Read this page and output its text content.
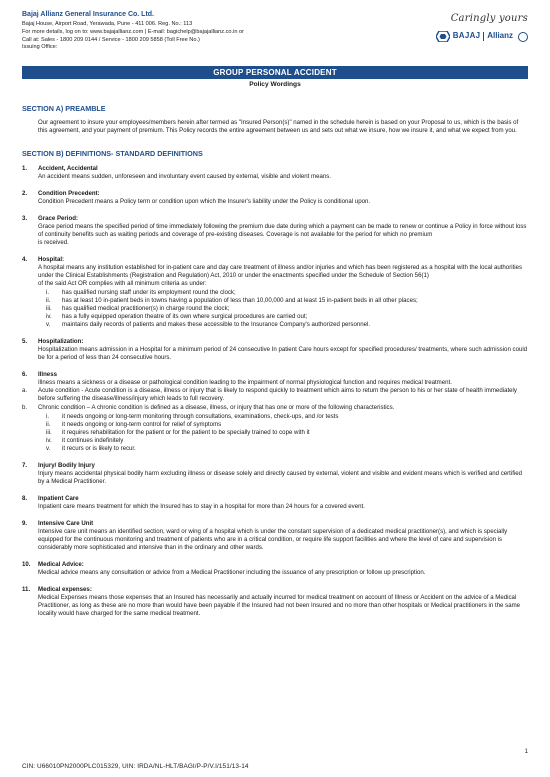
Bajaj Allianz General Insurance Co. Ltd.
Bajaj House, Airport Road, Yerawada, Pune - 411 006. Reg. No.: 113
For more details, log on to: www.bajajallianz.com | E-mail: bagichelp@bajajallianz.co.in or
Call at: Sales - 1800 209 0144 / Service - 1800 209 5858 (Toll Free No.)
Issuing Office:
Caringly yours
BAJAJ Allianz
GROUP PERSONAL ACCIDENT
Policy Wordings
SECTION A) PREAMBLE
Our agreement to insure your employees/members herein after termed as "Insured Person(s)" named in the schedule herein is based on your Proposal to us, which is the basis of this agreement, and your payment of premium. This Policy records the entire agreement between us and sets out what we insure, how we insure it, and what we expect from you.
SECTION B) DEFINITIONS- STANDARD DEFINITIONS
1.	Accident, Accidental
An accident means sudden, unforeseen and involuntary event caused by external, visible and violent means.
2.	Condition Precedent:
Condition Precedent means a Policy term or condition upon which the Insurer's liability under the Policy is conditional upon.
3.	Grace Period:
Grace period means the specified period of time immediately following the premium due date during which a payment can be made to renew or continue a Policy in force without loss of continuity benefits such as waiting periods and coverage of pre-existing diseases. Coverage is not available for the period for which no premium
is received.
4.	Hospital:
A hospital means any institution established for in-patient care and day care treatment of illness and/or injuries and which has been registered as a hospital with the local authorities under the Clinical Establishments (Registration and Regulation) Act, 2010 or under the enactments specified under the Schedule of Section 56(1)
of the said Act OR complies with all minimum criteria as under:
i.	has qualified nursing staff under its employment round the clock;
ii.	has at least 10 in-patient beds in towns having a population of less than 10,00,000 and at least 15 in-patient beds in all other places;
iii.	has qualified medical practitioner(s) in charge round the clock;
iv.	has a fully equipped operation theatre of its own where surgical procedures are carried out;
v.	maintains daily records of patients and makes these accessible to the Insurance Company's authorized personnel.
5.	Hospitalization:
Hospitalization means admission in a Hospital for a minimum period of 24 consecutive In patient Care hours except for specified procedures/ treatments, where such admission could be for a period of less than 24 consecutive hours.
6.	Illness
Illness means a sickness or a disease or pathological condition leading to the impairment of normal physiological function and requires medical treatment.
a.	Acute condition - Acute condition is a disease, illness or injury that is likely to respond quickly to treatment which aims to return the person to his or her state of health immediately before suffering the disease/illness/injury which leads to full recovery.
b.	Chronic condition – A chronic condition is defined as a disease, illness, or injury that has one or more of the following characteristics.
i.	it needs ongoing or long-term monitoring through consultations, examinations, check-ups, and /or tests
ii.	it needs ongoing or long-term control for relief of symptoms
iii.	it requires rehabilitation for the patient or for the patient to be specially trained to cope with it
iv.	it continues indefinitely
v.	it recurs or is likely to recur.
7.	Injury/ Bodily Injury
Injury means accidental physical bodily harm excluding illness or disease solely and directly caused by external, violent and visible and evident means which is verified and certified by a Medical Practitioner.
8.	Inpatient Care
Inpatient care means treatment for which the Insured has to stay in a hospital for more than 24 hours for a covered event.
9.	Intensive Care Unit
Intensive care unit means an identified section, ward or wing of a hospital which is under the constant supervision of a dedicated medical practitioner(s), and which is specially equipped for the continuous monitoring and treatment of patients who are in a critical condition, or require life support facilities and where the level of care and supervision is considerably more sophisticated and intensive than in the ordinary and other wards.
10.	Medical Advice:
Medical advice means any consultation or advice from a Medical Practitioner including the issuance of any prescription or follow up prescription.
11.	Medical expenses:
Medical Expenses means those expenses that an Insured has necessarily and actually incurred for medical treatment on account of Illness or Accident on the advice of a Medical Practitioner, as long as these are no more than would have been payable if the Insured had not been Insured and no more than other hospitals or Medical practitioners in the same locality would have charged for the same medical treatment.
1
CIN: U66010PN2000PLC015329, UIN: IRDA/NL-HLT/BAGI/P-P/V.I/151/13-14
